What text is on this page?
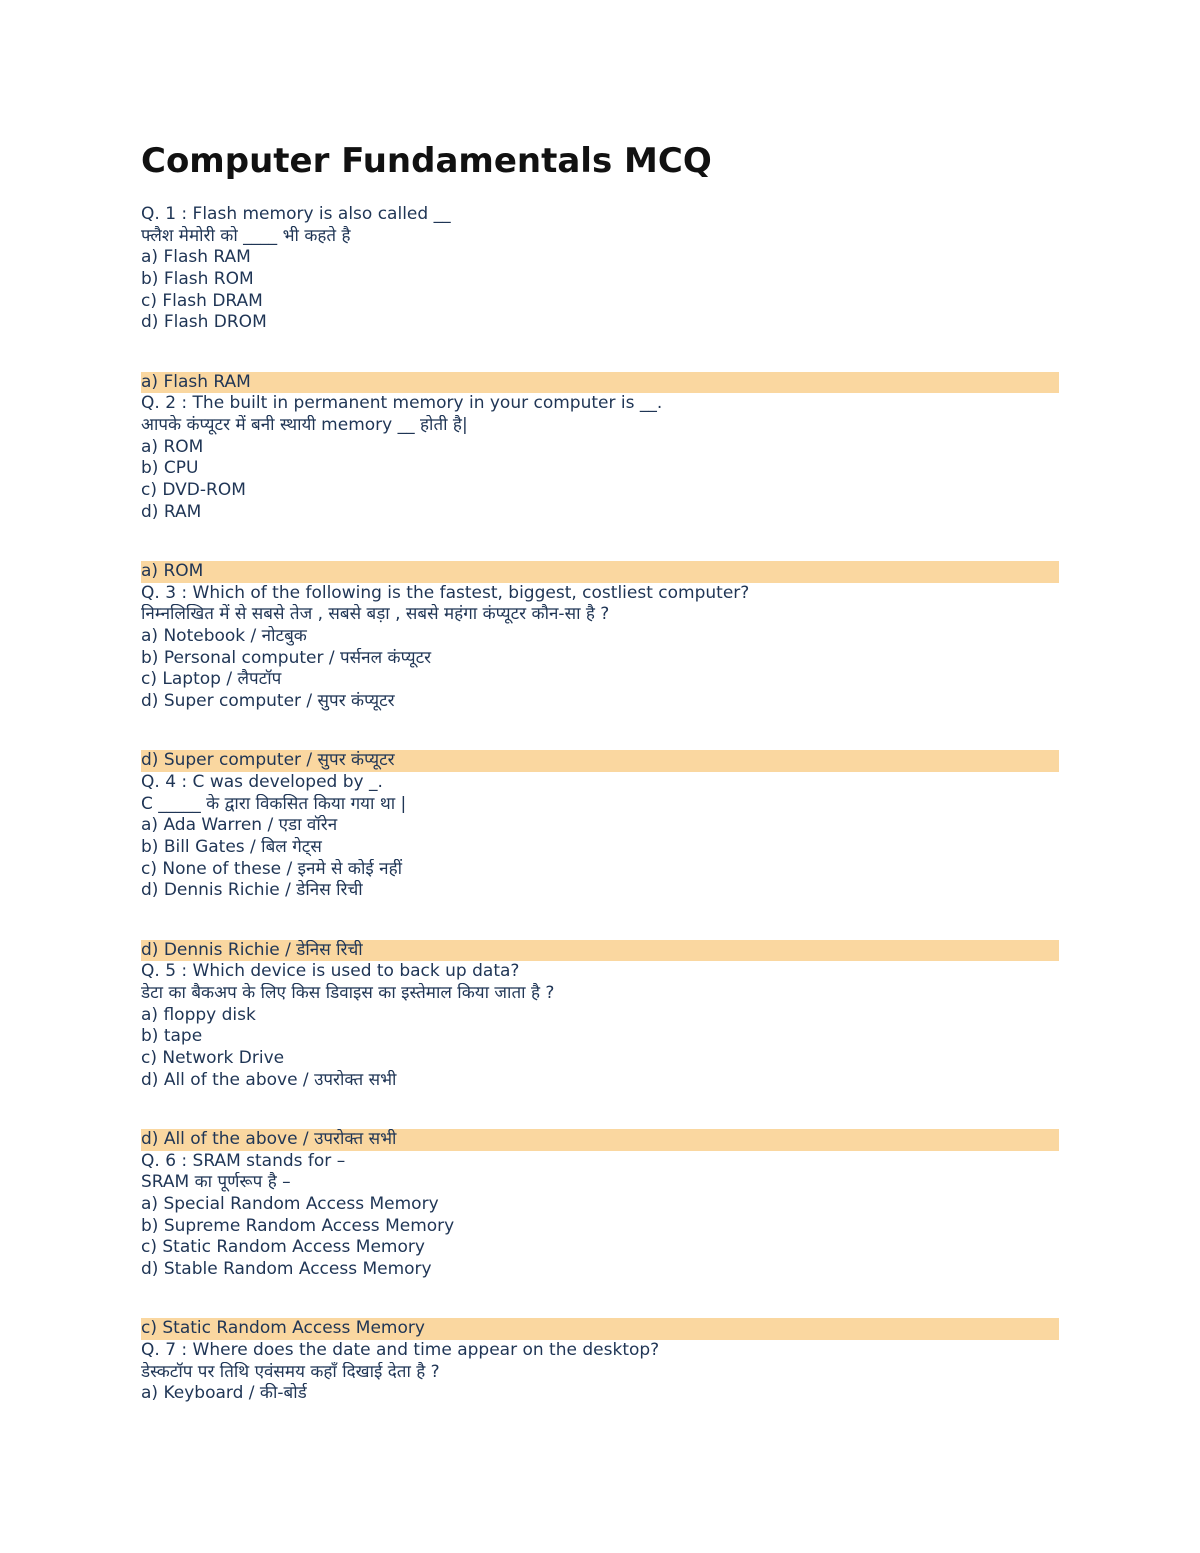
Computer Fundamentals MCQ
Q. 1 : Flash memory is also called __
फ्लैश मेमोरी को ____ भी कहते है
a) Flash RAM
b) Flash ROM
c) Flash DRAM
d) Flash DROM
a) Flash RAM
Q. 2 : The built in permanent memory in your computer is __.
आपके कंप्यूटर में बनी स्थायी memory __ होती है|
a) ROM
b) CPU
c) DVD-ROM
d) RAM
a) ROM
Q. 3 : Which of the following is the fastest, biggest, costliest computer?
निम्नलिखित में से सबसे तेज , सबसे बड़ा , सबसे महंगा कंप्यूटर कौन-सा है ?
a) Notebook / नोटबुक
b) Personal computer / पर्सनल कंप्यूटर
c) Laptop / लैपटॉप
d) Super computer / सुपर कंप्यूटर
d) Super computer / सुपर कंप्यूटर
Q. 4 : C was developed by _.
C _____ के द्वारा विकसित किया गया था |
a) Ada Warren / एडा वॉरेन
b) Bill Gates / बिल गेट्स
c) None of these / इनमे से कोई नहीं
d) Dennis Richie / डेनिस रिची
d) Dennis Richie / डेनिस रिची
Q. 5 : Which device is used to back up data?
डेटा का बैकअप के लिए किस ​​डिवाइस का इस्तेमाल किया जाता है ?
a) floppy disk
b) tape
c) Network Drive
d) All of the above / उपरोक्त सभी
d) All of the above / उपरोक्त सभी
Q. 6 : SRAM stands for –
SRAM का पूर्णरूप है –
a) Special Random Access Memory
b) Supreme Random Access Memory
c) Static Random Access Memory
d) Stable Random Access Memory
c) Static Random Access Memory
Q. 7 : Where does the date and time appear on the desktop?
डेस्कटॉप पर तिथि एवंसमय कहाँ दिखाई देता है ?
a) Keyboard / की-बोर्ड
